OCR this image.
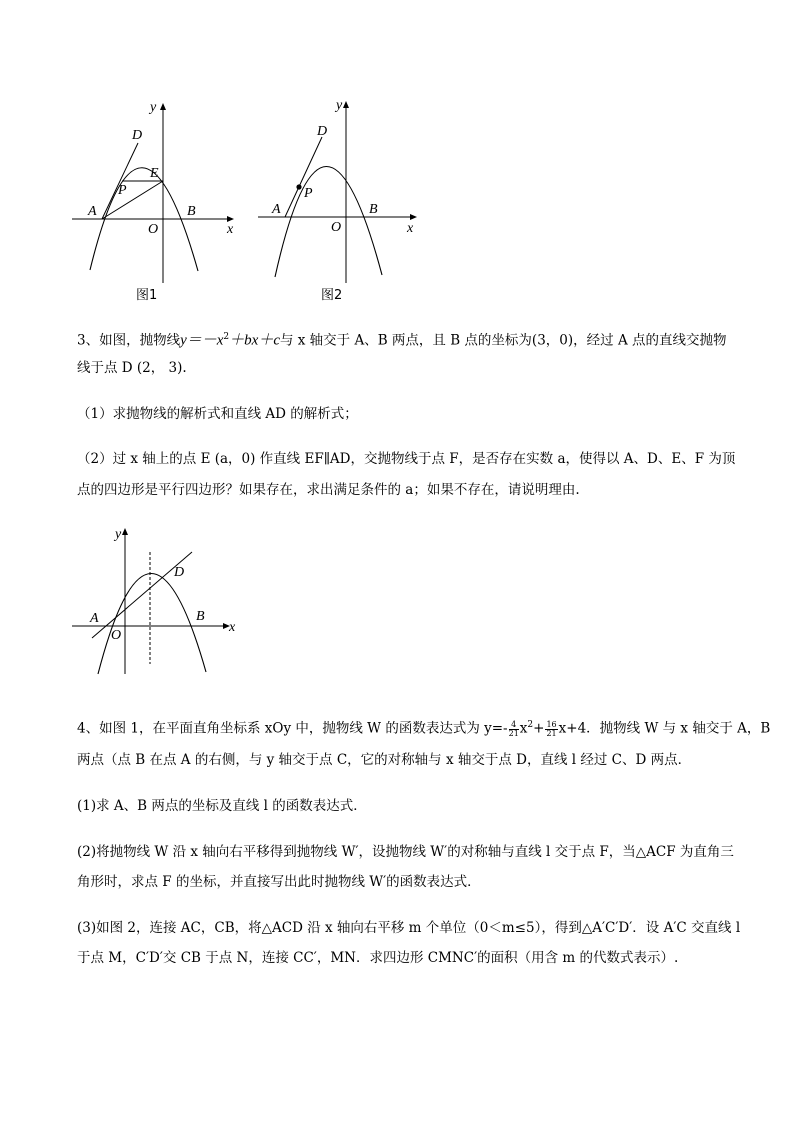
y
x
D
E
P
A
O
B
图1
y
x
D
P
A
O
B
图2
3、如图，抛物线$y=-x^2+bx+c$与 x 轴交于 A、B 两点，且 B 点的坐标为(3，0)，经过 A 点的直线交抛物
线于点 D (2， 3).
（1）求抛物线的解析式和直线 AD 的解析式；
（2）过 x 轴上的点 E (a，0) 作直线 EF∥AD，交抛物线于点 F，是否存在实数 a，使得以 A、D、E、F 为顶
点的四边形是平行四边形？如果存在，求出满足条件的 a；如果不存在，请说明理由.
y
x
D
A
O
B
4、如图 1，在平面直角坐标系 xOy 中，抛物线 W 的函数表达式为 $y=- \frac{4}{21} x^2+ \frac{16}{21} x+4$．抛物线 W 与 x 轴交于 A，B
两点（点 B 在点 A 的右侧，与 y 轴交于点 C，它的对称轴与 x 轴交于点 D，直线 l 经过 C、D 两点．
(1)求 A、B 两点的坐标及直线 l 的函数表达式．
(2)将抛物线 W 沿 x 轴向右平移得到抛物线 W′，设抛物线 W′的对称轴与直线 l 交于点 F，当△ACF 为直角三
角形时，求点 F 的坐标，并直接写出此时抛物线 W′的函数表达式．
(3)如图 2，连接 AC，CB，将△ACD 沿 x 轴向右平移 m 个单位（0＜m≤5），得到△A′C′D′．设 A′C 交直线 l
于点 M，C′D′交 CB 于点 N，连接 CC′，MN．求四边形 CMNC′的面积（用含 m 的代数式表示）.
